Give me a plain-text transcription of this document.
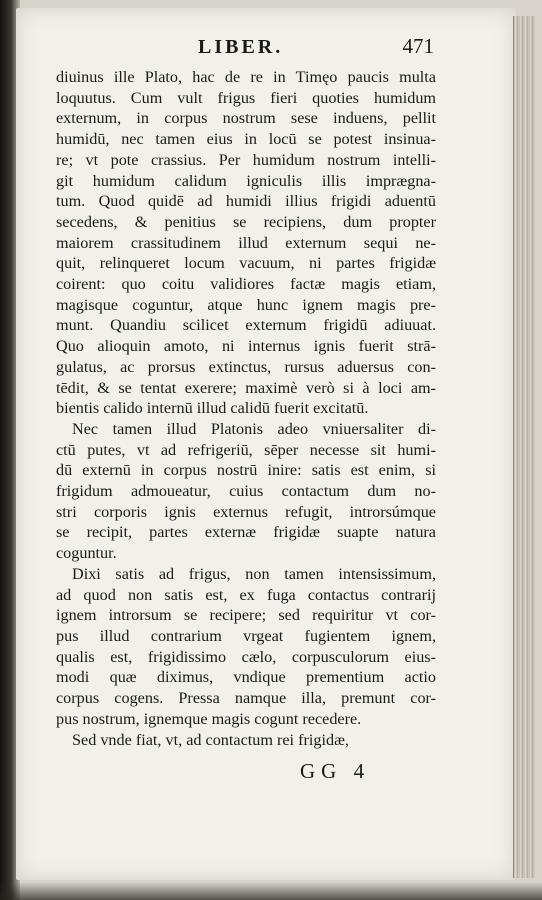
LIBER.	471
diuinus ille Plato, hac de re in Timęo paucis multa
loquutus. Cum vult frigus fieri quoties humidum
externum, in corpus nostrum sese induens, pellit
humidū, nec tamen eius in locū se potest insinua-
re; vt pote crassius. Per humidum nostrum intelli-
git humidum calidum igniculis illis imprægna-
tum. Quod quidē ad humidi illius frigidi aduentū
secedens, & penitius se recipiens, dum propter
maiorem crassitudinem illud externum sequi ne-
quit, relinqueret locum vacuum, ni partes frigidæ
coirent: quo coitu validiores factæ magis etiam,
magisque coguntur, atque hunc ignem magis pre-
munt. Quandiu scilicet externum frigidū adiuuat.
Quo alioquin amoto, ni internus ignis fuerit strā-
gulatus, ac prorsus extinctus, rursus aduersus con-
tēdit, & se tentat exerere; maximè verò si à loci am-
bientis calido internū illud calidū fuerit excitatū.
Nec tamen illud Platonis adeo vniuersaliter di-
ctū putes, vt ad refrigeriū, sēper necesse sit humi-
dū externū in corpus nostrū inire: satis est enim, si
frigidum admoueatur, cuius contactum dum no-
stri corporis ignis externus refugit, introrsúmque
se recipit, partes externæ frigidæ suapte natura
coguntur.
Dixi satis ad frigus, non tamen intensissimum,
ad quod non satis est, ex fuga contactus contrarij
ignem introrsum se recipere; sed requiritur vt cor-
pus illud contrarium vrgeat fugientem ignem,
qualis est, frigidissimo cælo, corpusculorum eius-
modi quæ diximus, vndique prementium actio
corpus cogens. Pressa namque illa, premunt cor-
pus nostrum, ignemque magis cogunt recedere.
Sed vnde fiat, vt, ad contactum rei frigidæ,
GG 4
